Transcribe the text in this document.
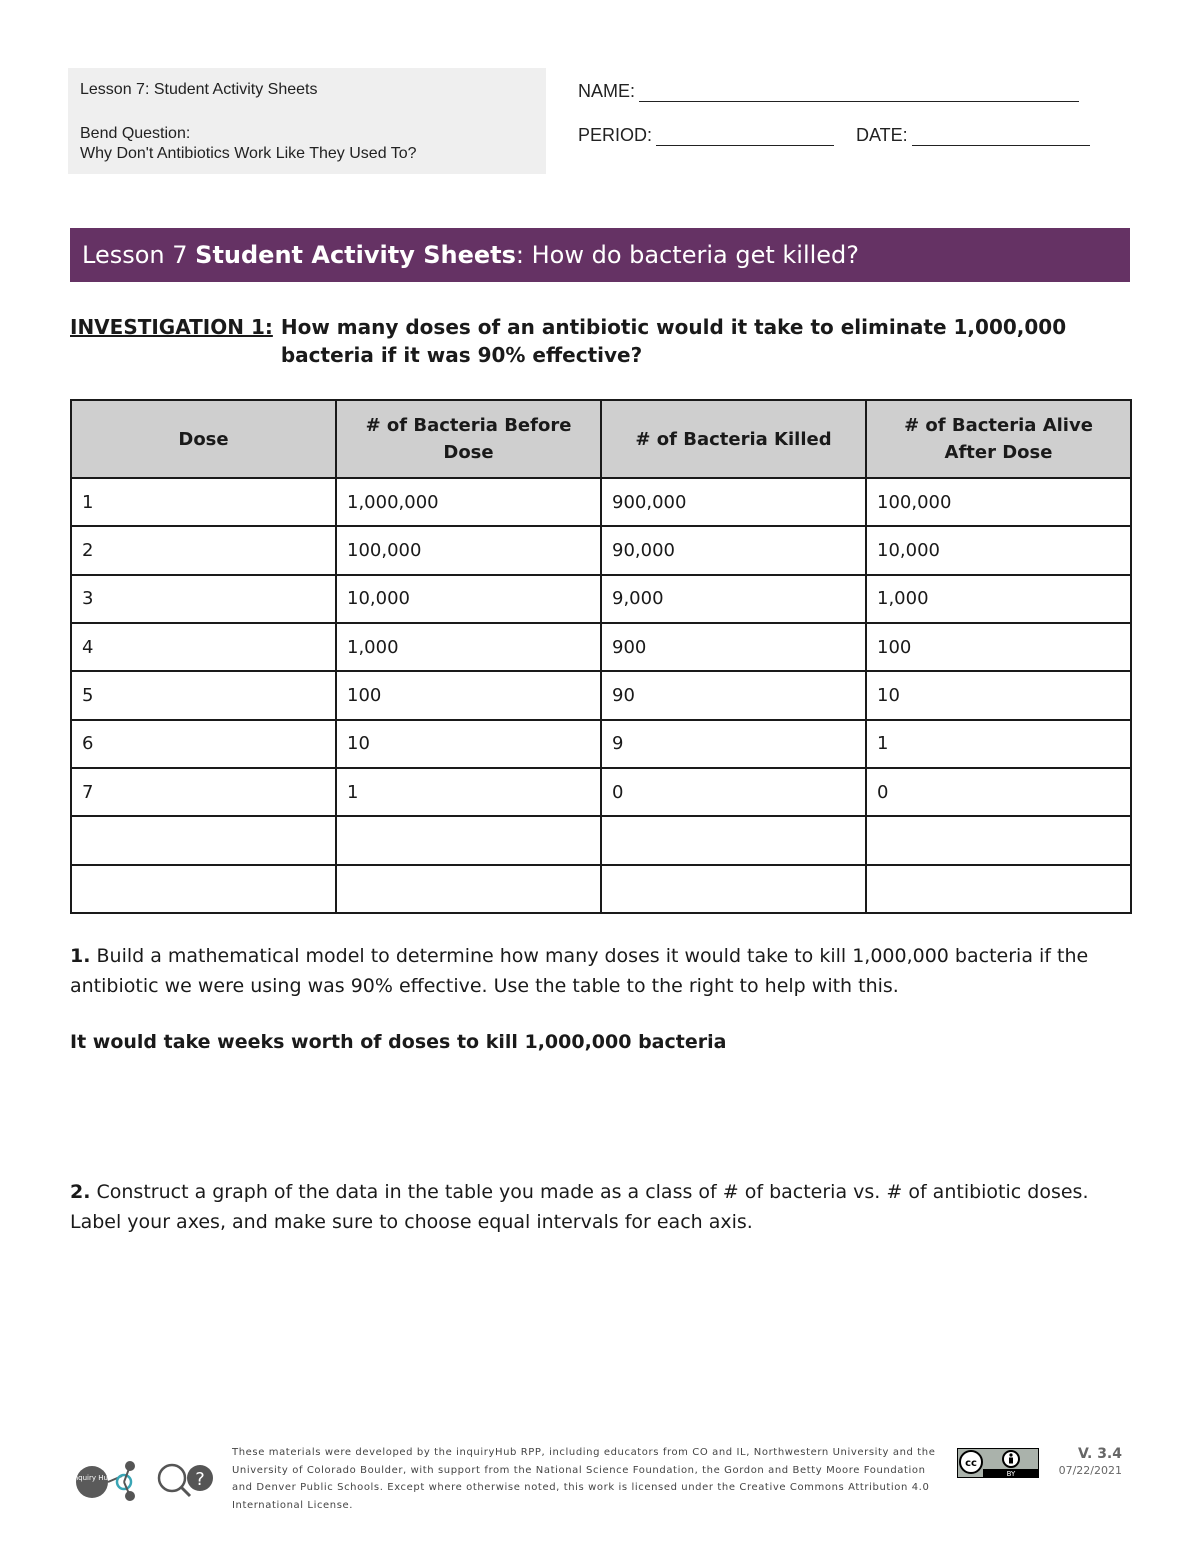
Lesson 7: Student Activity Sheets
Bend Question:
Why Don't Antibiotics Work Like They Used To?
NAME:
PERIOD:	DATE:
Lesson 7 Student Activity Sheets : How do bacteria get killed?
INVESTIGATION 1: How many doses of an antibiotic would it take to eliminate 1,000,000 bacteria if it was 90% effective?
Dose	# of Bacteria Before Dose	# of Bacteria Killed	# of Bacteria Alive After Dose
1	1,000,000	900,000	100,000
2	100,000	90,000	10,000
3	10,000	9,000	1,000
4	1,000	900	100
5	100	90	10
6	10	9	1
7	1	0	0

1. Build a mathematical model to determine how many doses it would take to kill 1,000,000 bacteria if the antibiotic we were using was 90% effective. Use the table to the right to help with this.
It would take weeks worth of doses to kill 1,000,000 bacteria
2. Construct a graph of the data in the table you made as a class of # of bacteria vs. # of antibiotic doses. Label your axes, and make sure to choose equal intervals for each axis.
Inquiry Hub	?
These materials were developed by the inquiryHub RPP, including educators from CO and IL, Northwestern University and the University of Colorado Boulder, with support from the National Science Foundation, the Gordon and Betty Moore Foundation and Denver Public Schools. Except where otherwise noted, this work is licensed under the Creative Commons Attribution 4.0 International License.
cc
BY
V. 3.4
07/22/2021
